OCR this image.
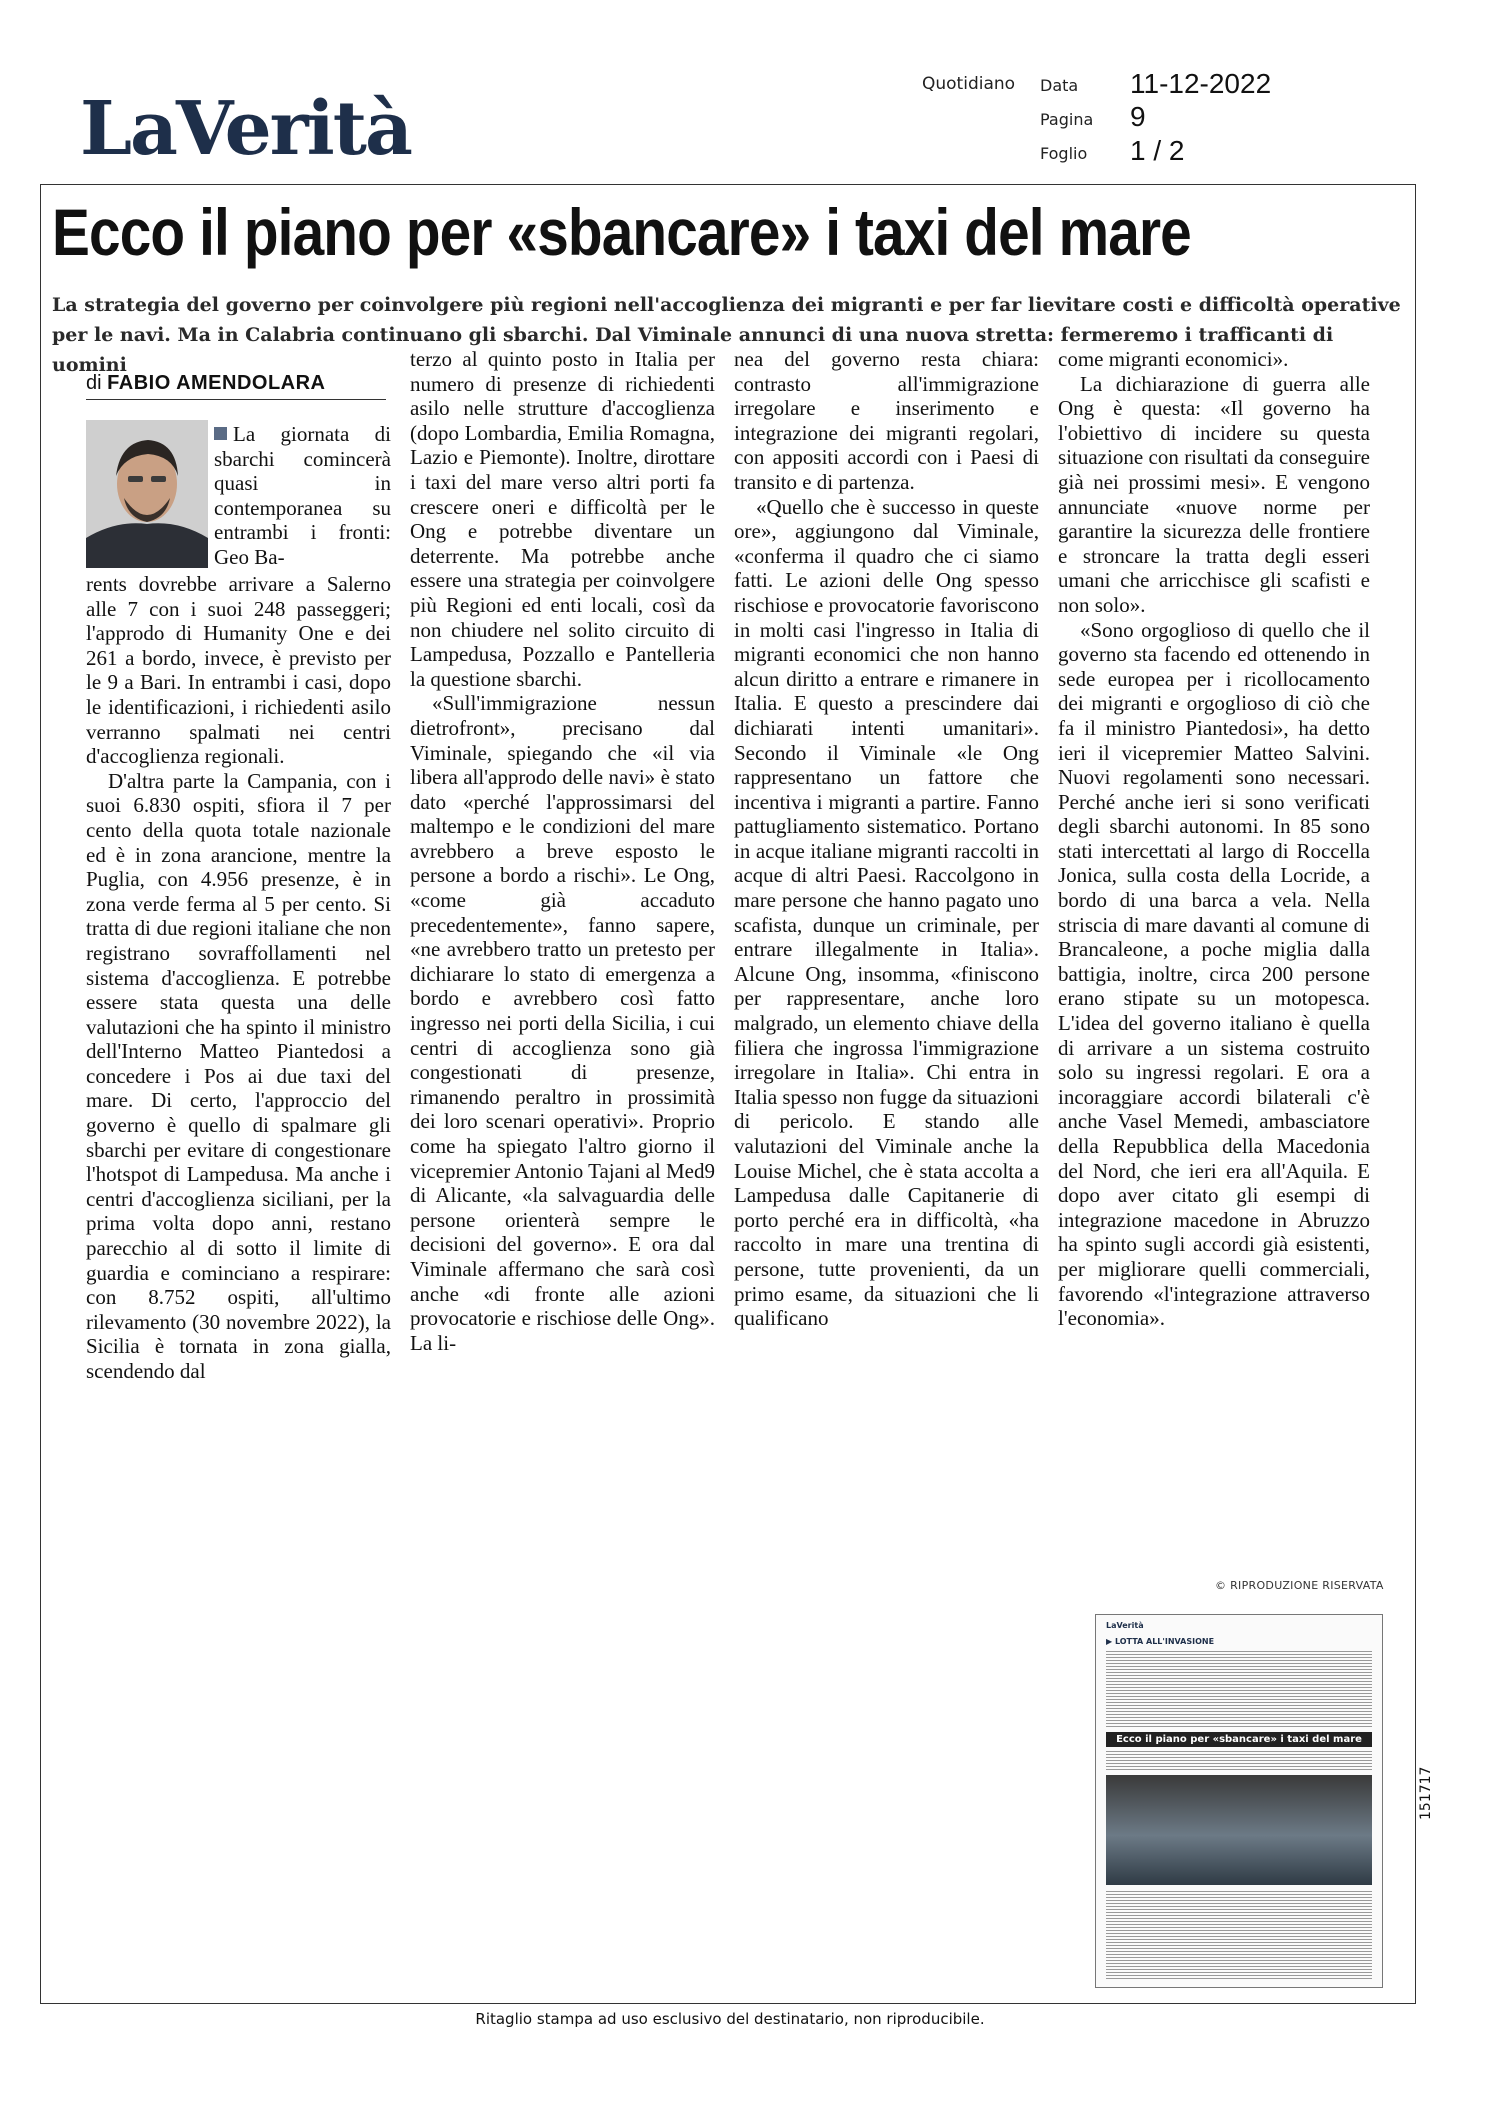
LaVerità
Quotidiano Data 11-12-2022
Pagina 9
Foglio 1 / 2
Ecco il piano per «sbancare» i taxi del mare
La strategia del governo per coinvolgere più regioni nell'accoglienza dei migranti e per far lievitare costi e difficoltà operative per le navi. Ma in Calabria continuano gli sbarchi. Dal Viminale annunci di una nuova stretta: fermeremo i trafficanti di uomini
di FABIO AMENDOLARA
La giornata di sbarchi comincerà quasi in contemporanea su entrambi i fronti: Geo Ba-

rents dovrebbe arrivare a Salerno alle 7 con i suoi 248 passeggeri; l'approdo di Humanity One e dei 261 a bordo, invece, è previsto per le 9 a Bari. In entrambi i casi, dopo le identificazioni, i richiedenti asilo verranno spalmati nei centri d'accoglienza regionali.

D'altra parte la Campania, con i suoi 6.830 ospiti, sfiora il 7 per cento della quota totale nazionale ed è in zona arancione, mentre la Puglia, con 4.956 presenze, è in zona verde ferma al 5 per cento. Si tratta di due regioni italiane che non registrano sovraffollamenti nel sistema d'accoglienza. E potrebbe essere stata questa una delle valutazioni che ha spinto il ministro dell'Interno Matteo Piantedosi a concedere i Pos ai due taxi del mare. Di certo, l'approccio del governo è quello di spalmare gli sbarchi per evitare di congestionare l'hotspot di Lampedusa. Ma anche i centri d'accoglienza siciliani, per la prima volta dopo anni, restano parecchio al di sotto il limite di guardia e cominciano a respirare: con 8.752 ospiti, all'ultimo rilevamento (30 novembre 2022), la Sicilia è tornata in zona gialla, scendendo dal

terzo al quinto posto in Italia per numero di presenze di richiedenti asilo nelle strutture d'accoglienza (dopo Lombardia, Emilia Romagna, Lazio e Piemonte). Inoltre, dirottare i taxi del mare verso altri porti fa crescere oneri e difficoltà per le Ong e potrebbe diventare un deterrente. Ma potrebbe anche essere una strategia per coinvolgere più Regioni ed enti locali, così da non chiudere nel solito circuito di Lampedusa, Pozzallo e Pantelleria la questione sbarchi.

«Sull'immigrazione nessun dietrofront», precisano dal Viminale, spiegando che «il via libera all'approdo delle navi» è stato dato «perché l'approssimarsi del maltempo e le condizioni del mare avrebbero a breve esposto le persone a bordo a rischi». Le Ong, «come già accaduto precedentemente», fanno sapere, «ne avrebbero tratto un pretesto per dichiarare lo stato di emergenza a bordo e avrebbero così fatto ingresso nei porti della Sicilia, i cui centri di accoglienza sono già congestionati di presenze, rimanendo peraltro in prossimità dei loro scenari operativi». Proprio come ha spiegato l'altro giorno il vicepremier Antonio Tajani al Med9 di Alicante, «la salvaguardia delle persone orienterà sempre le decisioni del governo». E ora dal Viminale affermano che sarà così anche «di fronte alle azioni provocatorie e rischiose delle Ong». La li-

nea del governo resta chiara: contrasto all'immigrazione irregolare e inserimento e integrazione dei migranti regolari, con appositi accordi con i Paesi di transito e di partenza.

«Quello che è successo in queste ore», aggiungono dal Viminale, «conferma il quadro che ci siamo fatti. Le azioni delle Ong spesso rischiose e provocatorie favoriscono in molti casi l'ingresso in Italia di migranti economici che non hanno alcun diritto a entrare e rimanere in Italia. E questo a prescindere dai dichiarati intenti umanitari». Secondo il Viminale «le Ong rappresentano un fattore che incentiva i migranti a partire. Fanno pattugliamento sistematico. Portano in acque italiane migranti raccolti in acque di altri Paesi. Raccolgono in mare persone che hanno pagato uno scafista, dunque un criminale, per entrare illegalmente in Italia». Alcune Ong, insomma, «finiscono per rappresentare, anche loro malgrado, un elemento chiave della filiera che ingrossa l'immigrazione irregolare in Italia». Chi entra in Italia spesso non fugge da situazioni di pericolo. E stando alle valutazioni del Viminale anche la Louise Michel, che è stata accolta a Lampedusa dalle Capitanerie di porto perché era in difficoltà, «ha raccolto in mare una trentina di persone, tutte provenienti, da un primo esame, da situazioni che li qualificano

come migranti economici».

La dichiarazione di guerra alle Ong è questa: «Il governo ha l'obiettivo di incidere su questa situazione con risultati da conseguire già nei prossimi mesi». E vengono annunciate «nuove norme per garantire la sicurezza delle frontiere e stroncare la tratta degli esseri umani che arricchisce gli scafisti e non solo».

«Sono orgoglioso di quello che il governo sta facendo ed ottenendo in sede europea per i ricollocamento dei migranti e orgoglioso di ciò che fa il ministro Piantedosi», ha detto ieri il vicepremier Matteo Salvini. Nuovi regolamenti sono necessari. Perché anche ieri si sono verificati degli sbarchi autonomi. In 85 sono stati intercettati al largo di Roccella Jonica, sulla costa della Locride, a bordo di una barca a vela. Nella striscia di mare davanti al comune di Brancaleone, a poche miglia dalla battigia, inoltre, circa 200 persone erano stipate su un motopesca. L'idea del governo italiano è quella di arrivare a un sistema costruito solo su ingressi regolari. E ora a incoraggiare accordi bilaterali c'è anche Vasel Memedi, ambasciatore della Repubblica della Macedonia del Nord, che ieri era all'Aquila. E dopo aver citato gli esempi di integrazione macedone in Abruzzo ha spinto sugli accordi già esistenti, per migliorare quelli commerciali, favorendo «l'integrazione attraverso l'economia».

© RIPRODUZIONE RISERVATA
LaVerità
▶ LOTTA ALL'INVASIONE
Ecco il piano per «sbancare» i taxi del mare
151717
Ritaglio stampa ad uso esclusivo del destinatario, non riproducibile.
